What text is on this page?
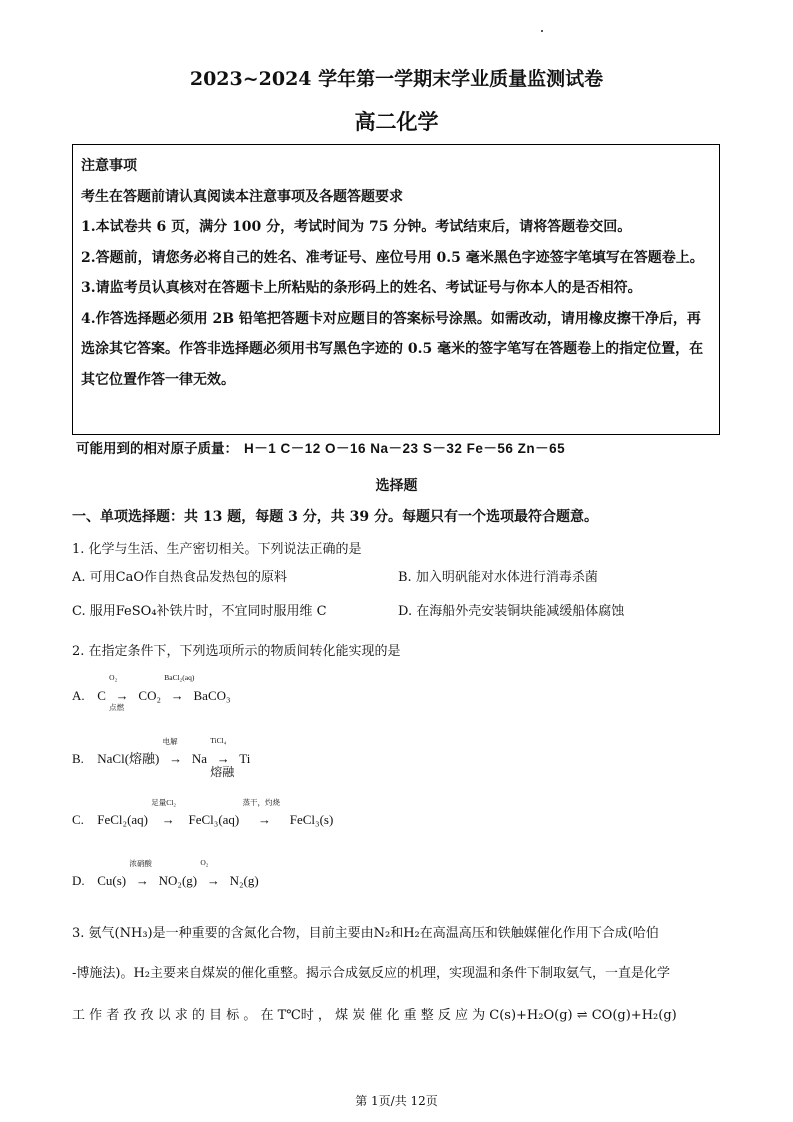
2023~2024 学年第一学期末学业质量监测试卷
高二化学

注意事项

考生在答题前请认真阅读本注意事项及各题答题要求

1.本试卷共 6 页，满分 100 分，考试时间为 75 分钟。考试结束后，请将答题卷交回。

2.答题前，请您务必将自己的姓名、准考证号、座位号用 0.5 毫米黑色字迹签字笔填写在答题卷上。

3.请监考员认真核对在答题卡上所粘贴的条形码上的姓名、考试证号与你本人的是否相符。

4.作答选择题必须用 2B 铅笔把答题卡对应题目的答案标号涂黑。如需改动，请用橡皮擦干净后，再选涂其它答案。作答非选择题必须用书写黑色字迹的 0.5 毫米的签字笔写在答题卷上的指定位置，在其它位置作答一律无效。

可能用到的相对原子质量： H－1 C－12 O－16 Na－23 S－32 Fe－56 Zn－65
选择题
一、单项选择题：共 13 题，每题 3 分，共 39 分。每题只有一个选项最符合题意。
1. 化学与生活、生产密切相关。下列说法正确的是
A. 可用CaO作自热食品发热包的原料	B. 加入明矾能对水体进行消毒杀菌
C. 服用FeSO₄补铁片时，不宜同时服用维 C	D. 在海船外壳安装铜块能减缓船体腐蚀
2. 在指定条件下，下列选项所示的物质间转化能实现的是
A. C →
O₂
点燃
CO₂ →
BaCl₂(aq)
BaCO₃
B. NaCl(熔融) →
电解
Na →
TiCl₄
熔融
Ti
C. FeCl₂(aq) →
足量Cl₂
FeCl₃(aq) →
蒸干，灼烧
FeCl₃(s)
D. Cu(s) →
浓硝酸
NO₂(g) →
O₂
N₂(g)
3. 氨气(NH₃)是一种重要的含氮化合物，目前主要由N₂和H₂在高温高压和铁触媒催化作用下合成(哈伯
-博施法)。H₂主要来自煤炭的催化重整。揭示合成氨反应的机理，实现温和条件下制取氨气，一直是化学
工 作 者 孜 孜 以 求 的 目 标 。 在 T℃时 ， 煤 炭 催 化 重 整 反 应 为 C(s)+H₂O(g) ⇌ CO(g)+H₂(g)
第 1页/共 12页
